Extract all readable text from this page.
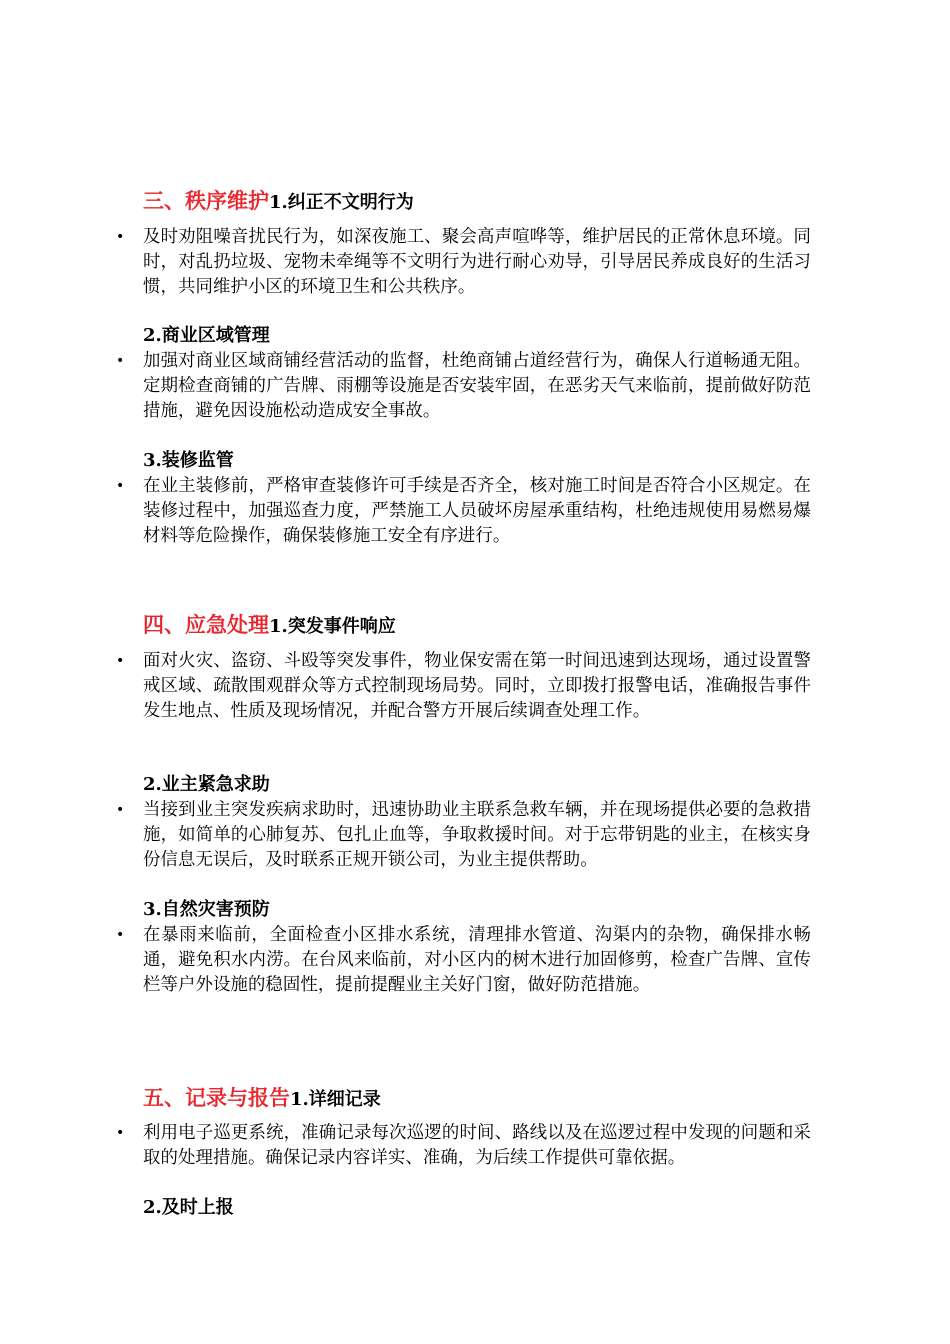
三、秩序维护1.纠正不文明行为
• 及时劝阻噪音扰民行为，如深夜施工、聚会高声喧哗等，维护居民的正常休息环境。同时，对乱扔垃圾、宠物未牵绳等不文明行为进行耐心劝导，引导居民养成良好的生活习惯，共同维护小区的环境卫生和公共秩序。
2.商业区域管理
• 加强对商业区域商铺经营活动的监督，杜绝商铺占道经营行为，确保人行道畅通无阻。定期检查商铺的广告牌、雨棚等设施是否安装牢固，在恶劣天气来临前，提前做好防范措施，避免因设施松动造成安全事故。
3.装修监管
• 在业主装修前，严格审查装修许可手续是否齐全，核对施工时间是否符合小区规定。在装修过程中，加强巡查力度，严禁施工人员破坏房屋承重结构，杜绝违规使用易燃易爆材料等危险操作，确保装修施工安全有序进行。
四、应急处理1.突发事件响应
• 面对火灾、盗窃、斗殴等突发事件，物业保安需在第一时间迅速到达现场，通过设置警戒区域、疏散围观群众等方式控制现场局势。同时，立即拨打报警电话，准确报告事件发生地点、性质及现场情况，并配合警方开展后续调查处理工作。
2.业主紧急求助
• 当接到业主突发疾病求助时，迅速协助业主联系急救车辆，并在现场提供必要的急救措施，如简单的心肺复苏、包扎止血等，争取救援时间。对于忘带钥匙的业主，在核实身份信息无误后，及时联系正规开锁公司，为业主提供帮助。
3.自然灾害预防
• 在暴雨来临前，全面检查小区排水系统，清理排水管道、沟渠内的杂物，确保排水畅通，避免积水内涝。在台风来临前，对小区内的树木进行加固修剪，检查广告牌、宣传栏等户外设施的稳固性，提前提醒业主关好门窗，做好防范措施。
五、记录与报告1.详细记录
• 利用电子巡更系统，准确记录每次巡逻的时间、路线以及在巡逻过程中发现的问题和采取的处理措施。确保记录内容详实、准确，为后续工作提供可靠依据。
2.及时上报
